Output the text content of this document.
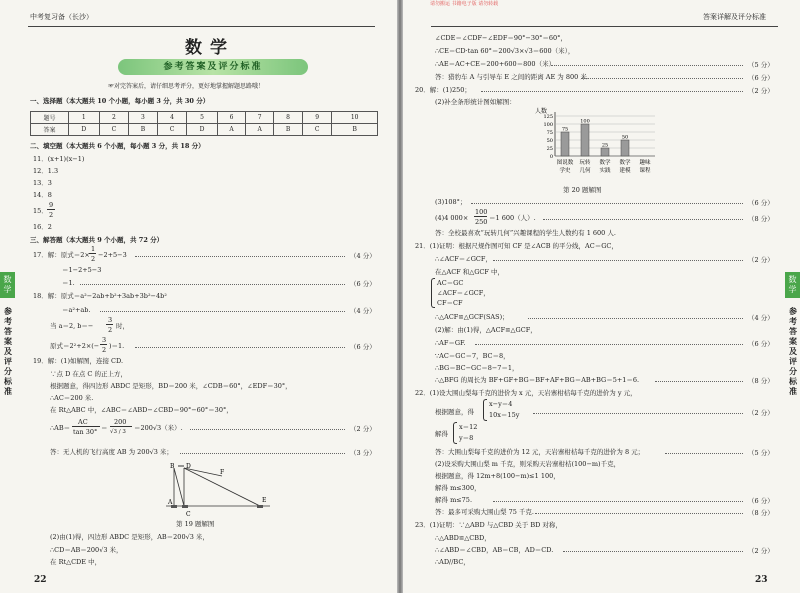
中考复习备（长沙）
数学
参考答案及评分标准
☞对完答案后，请仔细思考评分，更好地掌握解题思路哦！
一、选择题（本大题共 10 个小题，每小题 3 分，共 30 分）
题号	1	2	3	4	5	6	7	8	9	10
答案	D	C	B	C	D	A	A	B	C	B
二、填空题（本大题共 6 个小题，每小题 3 分，共 18 分）
11．(x+1)(x−1)
12．1.3
13．3
14．8
15．
9
2
16．2
三、解答题（本大题共 9 个小题，共 72 分）
17．解：原式＝2×
1
2 −2+5−3	（4 分）
＝1−2+5−3
＝1.	（6 分）
18．解：原式＝a²−2ab+b²+3ab+3b²−4b²
＝a²+ab.	（4 分）
当 a＝2, b＝−
3
2 时，
原式＝2²+2×(−
3
2 )＝1.	（6 分）
19．解：(1)如解图，连接 CD.
∵点 D 在点 C 的正上方，
根据题意，得四边形 ABDC 是矩形，BD＝200 米，∠CDB＝60°，∠EDF＝30°，
∴AC＝200 米.
在 Rt△ABC 中，∠ABC＝∠ABD−∠CBD＝90°−60°＝30°，
∴AB＝
AC
tan 30° ＝
200
√3 / 3 ＝200√3（米）.	（2 分）
答：无人机的飞行高度 AB 为 200√3 米；	（3 分）
B D
F
E
A
C
第 19 题解图
(2)由(1)得，四边形 ABDC 是矩形，AB＝200√3 米，
∴CD＝AB＝200√3 米，
在 Rt△CDE 中，
22
数学
参考答案及评分标准
答案详解及评分标准
∠CDE＝∠CDF−∠EDF＝90°−30°＝60°，
∴CE＝CD·tan 60°＝200√3×√3＝600（米），
∴AE＝AC+CE＝200+600＝800（米）.	（5 分）
答：猎豹车 A 与引导车 E 之间的距离 AE 为 800 米.	（6 分）
20．解：(1)250；	（2 分）
(2)补全条形统计图如解图：
人数
125
100
75
50
25
0
75
图说数
学史
100
玩转
几何
25
数学
实践
50
数学
建模
趣味
课程
第 20 题解图
(3)108°；	（6 分）
(4)4 000×
100
250 ＝1 600（人）.	（8 分）
答：全校最喜欢“玩转几何”兴趣课程的学生人数约有 1 600 人.
21．(1)证明：根据尺规作图可知 CF 是∠ACB 的平分线，AC＝GC，
∴∠ACF＝∠GCF，	（2 分）
在△ACF 和△GCF 中，
AC＝GC
∠ACF＝∠GCF，
CF＝CF
∴△ACF≌△GCF(SAS)；	（4 分）
(2)解：由(1)得，△ACF≌△GCF，
∴AF＝GF.	（6 分）
∵AC＝GC＝7，BC＝8，
∴BG＝BC−GC＝8−7＝1，
∴△BFG 的周长为 BF+GF+BG＝BF+AF+BG＝AB+BG＝5+1＝6.	（8 分）
22．(1)设大围山梨每千克的进价为 x 元，天岩寨柑桔每千克的进价为 y 元，
根据题意，得
x−y＝4
10x＝15y	（2 分）
解得
x＝12
y＝8
答：大围山梨每千克的进价为 12 元，天岩寨柑桔每千克的进价为 8 元；	（5 分）
(2)设采购大围山梨 m 千克，则采购天岩寨柑桔(100−m)千克，
根据题意，得 12m+8(100−m)≤1 100，
解得 m≤300，
解得 m≤75.	（6 分）
答：最多可采购大围山梨 75 千克.	（8 分）
23．(1)证明：∵△ABD 与△CBD 关于 BD 对称，
∴△ABD≌△CBD，
∴∠ABD＝∠CBD，AB＝CB，AD＝CD.	（2 分）
∴AD//BC，
23
数学
参考答案及评分标准
请勿搬运 书籍电子版 请勿转载
